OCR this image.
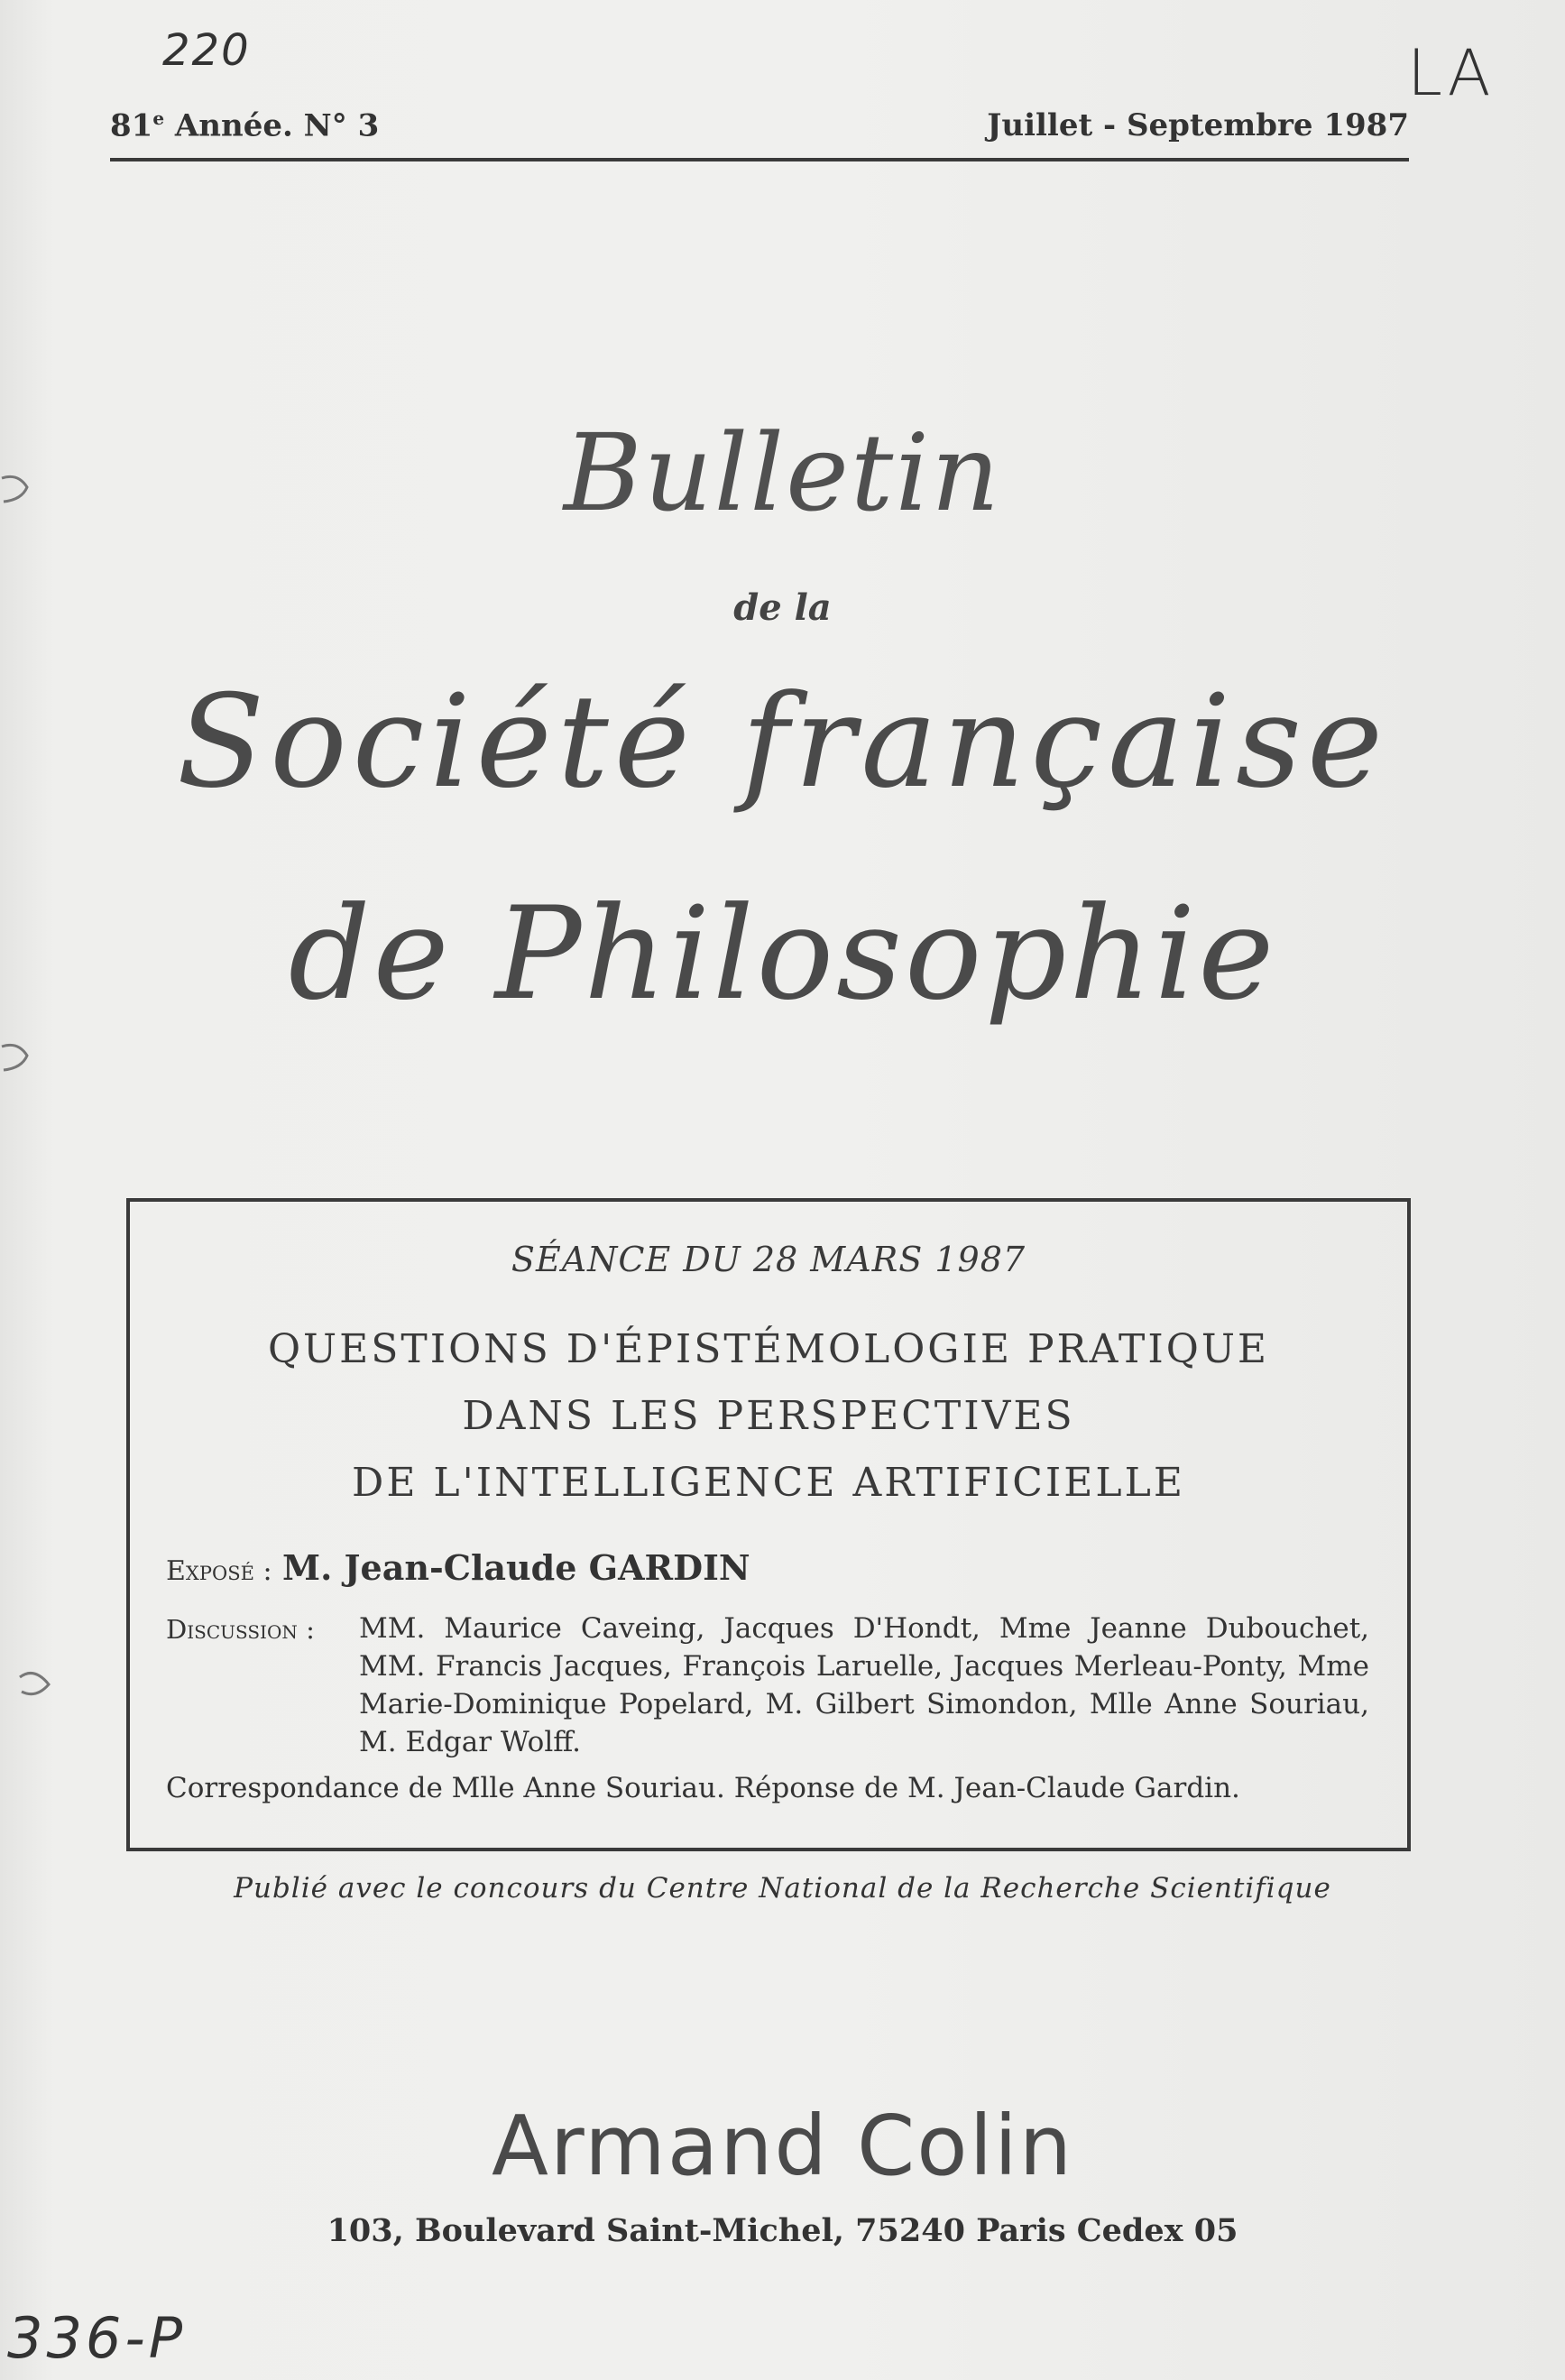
220	LA
336-P
81e Année. N° 3	Juillet - Septembre 1987
Bulletin
de la
Société française
de Philosophie
SÉANCE DU 28 MARS 1987
QUESTIONS D'ÉPISTÉMOLOGIE PRATIQUE
DANS LES PERSPECTIVES
DE L'INTELLIGENCE ARTIFICIELLE
Exposé : M. Jean-Claude GARDIN
Discussion : MM. Maurice Caveing, Jacques D'Hondt, Mme Jeanne Dubouchet, MM. Francis Jacques, François Laruelle, Jacques Merleau-Ponty, Mme Marie-Dominique Popelard, M. Gilbert Simondon, Mlle Anne Souriau, M. Edgar Wolff.
Correspondance de Mlle Anne Souriau. Réponse de M. Jean-Claude Gardin.
Publié avec le concours du Centre National de la Recherche Scientifique
Armand Colin
103, Boulevard Saint-Michel, 75240 Paris Cedex 05
